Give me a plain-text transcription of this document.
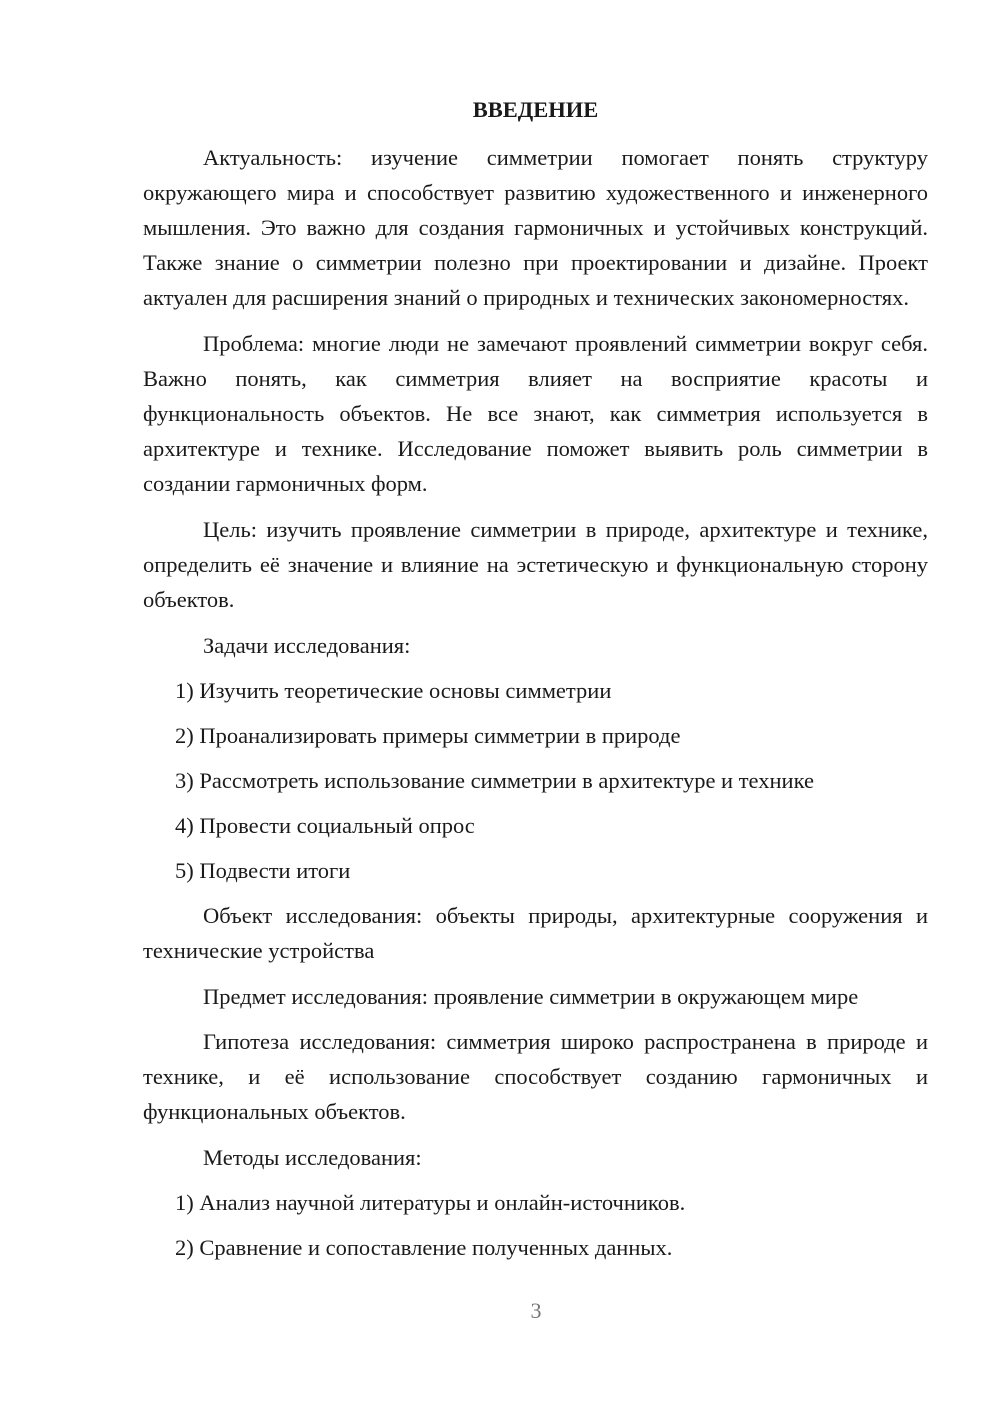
ВВЕДЕНИЕ

Актуальность: изучение симметрии помогает понять структуру окружающего мира и способствует развитию художественного и инженерного мышления. Это важно для создания гармоничных и устойчивых конструкций. Также знание о симметрии полезно при проектировании и дизайне. Проект актуален для расширения знаний о природных и технических закономерностях.

Проблема: многие люди не замечают проявлений симметрии вокруг себя. Важно понять, как симметрия влияет на восприятие красоты и функциональность объектов. Не все знают, как симметрия используется в архитектуре и технике. Исследование поможет выявить роль симметрии в создании гармоничных форм.

Цель: изучить проявление симметрии в природе, архитектуре и технике, определить её значение и влияние на эстетическую и функциональную сторону объектов.

Задачи исследования:

1) Изучить теоретические основы симметрии

2) Проанализировать примеры симметрии в природе

3) Рассмотреть использование симметрии в архитектуре и технике

4) Провести социальный опрос

5) Подвести итоги

Объект исследования: объекты природы, архитектурные сооружения и технические устройства

Предмет исследования: проявление симметрии в окружающем мире

Гипотеза исследования: симметрия широко распространена в природе и технике, и её использование способствует созданию гармоничных и функциональных объектов.

Методы исследования:

1) Анализ научной литературы и онлайн-источников.

2) Сравнение и сопоставление полученных данных.

3
